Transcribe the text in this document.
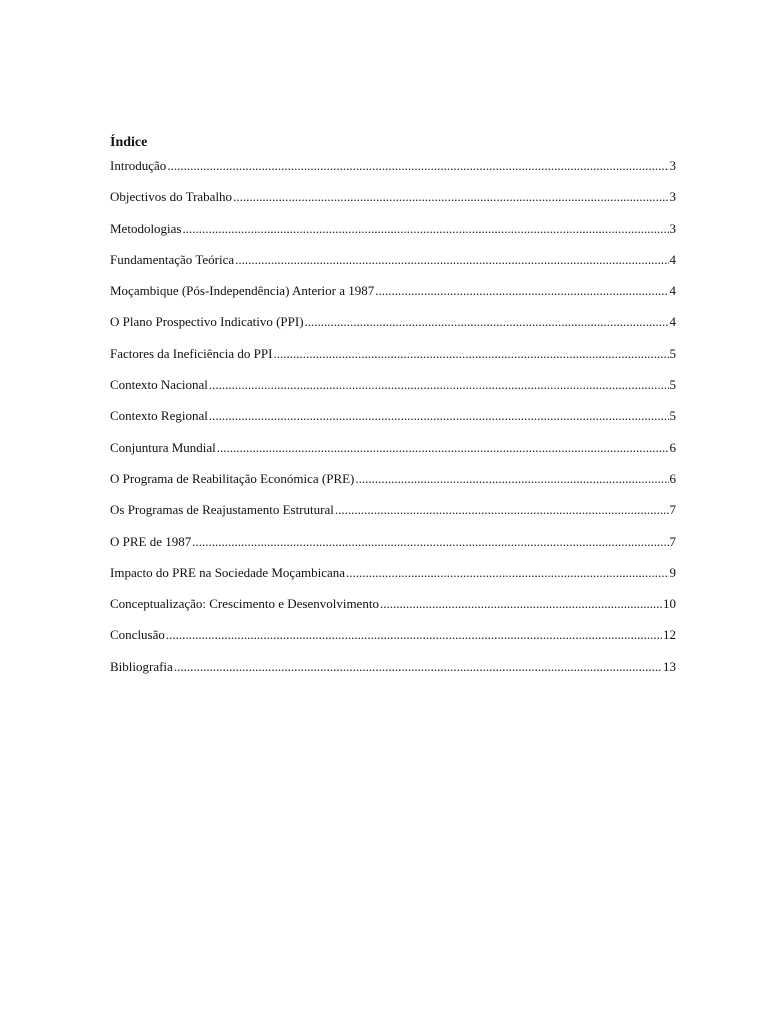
Índice
Introdução .....	3
Objectivos do Trabalho .....	3
Metodologias .....	3
Fundamentação Teórica .....	4
Moçambique (Pós-Independência) Anterior a 1987 .....	4
O Plano Prospectivo Indicativo (PPI) .....	4
Factores da Ineficiência do PPI .....	5
Contexto Nacional .....	5
Contexto Regional .....	5
Conjuntura Mundial .....	6
O Programa de Reabilitação Económica (PRE) .....	6
Os Programas de Reajustamento Estrutural .....	7
O PRE de 1987 .....	7
Impacto do PRE na Sociedade Moçambicana .....	9
Conceptualização: Crescimento e Desenvolvimento .....	10
Conclusão .....	12
Bibliografia .....	13
